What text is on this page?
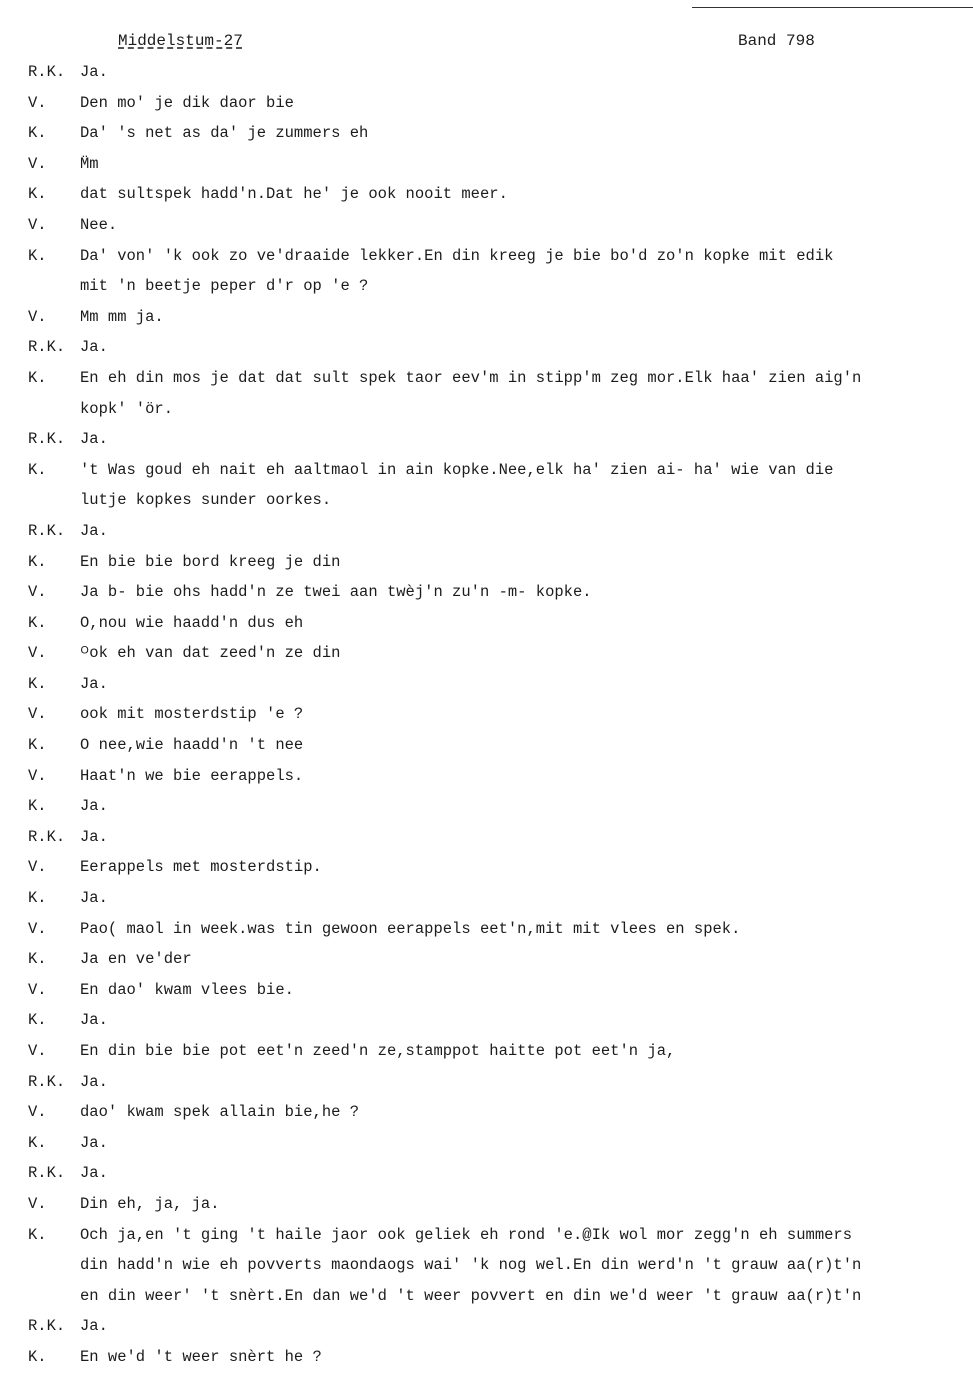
Middelstum-27	Band 798
R.K. Ja.
V.	Den mo' je dik daor bie
K.	Da' 's net as da' je zummers eh
V.	M̈m
K.	dat sultspek hadd'n.Dat he' je ook nooit meer.
V.	Nee.
K.	Da' von' 'k ook zo ve'draaide lekker.En din kreeg je bie bo'd zo'n kopke mit edik
mit 'n beetje peper d'r op 'e ?
V.	Mm mm ja.
R.K. Ja.
K.	En eh din mos je dat dat sult spek taor eev'm in stipp'm zeg mor.Elk haa' zien aig'n
kopk' 'ör.
R.K. Ja.
K.	't Was goud eh nait eh aaltmaol in ain kopke.Nee,elk ha' zien ai- ha' wie van die
lutje kopkes sunder oorkes.
R.K. Ja.
K.	En bie bie bord kreeg je din
V.	Ja b- bie ohs hadd'n ze twei aan twèj'n zu'n -m- kopke.
K.	O,nou wie haadd'n dus eh
V.	ᴼok eh van dat zeed'n ze din
K.	Ja.
V.	ook mit mosterdstip 'e ?
K.	O nee,wie haadd'n 't nee
V.	Haat'n we bie eerappels.
K.	Ja.
R.K. Ja.
V.	Eerappels met mosterdstip.
K.	Ja.
V.	Pao( maol in week.was tin gewoon eerappels eet'n,mit mit vlees en spek.
K.	Ja en ve'der
V.	En dao' kwam vlees bie.
K.	Ja.
V.	En din bie bie pot eet'n zeed'n ze,stamppot haitte pot eet'n ja,
R.K. Ja.
V.	dao' kwam spek allain bie,he ?
K.	Ja.
R.K. Ja.
V.	Din eh, ja, ja.
K.	Och ja,en 't ging 't haile jaor ook geliek eh rond 'e.@Ik wol mor zegg'n eh summers
din hadd'n wie eh povverts maondaogs wai' 'k nog wel.En din werd'n 't grauw aa(r)t'n
en din weer' 't snèrt.En dan we'd 't weer povvert en din we'd weer 't grauw aa(r)t'n
R.K. Ja.
K.	En we'd 't weer snèrt he ?
